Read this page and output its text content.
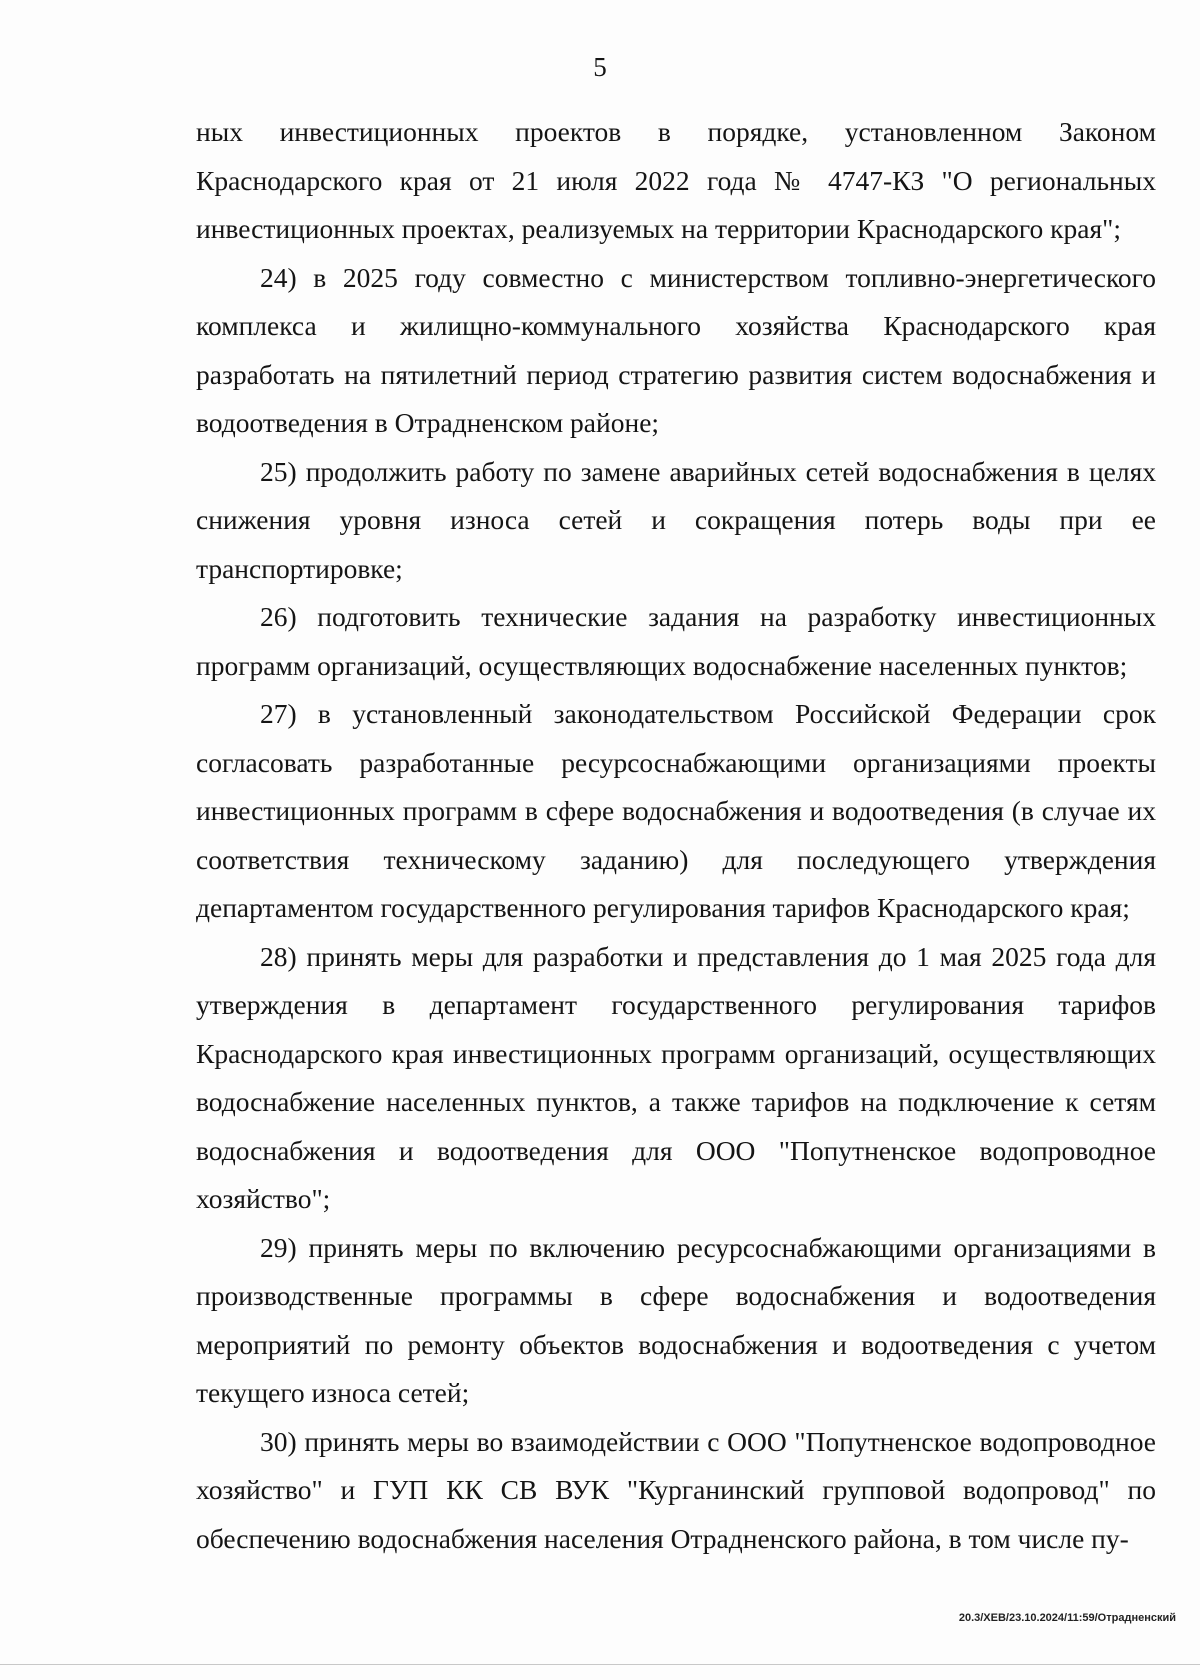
5

ных инвестиционных проектов в порядке, установленном Законом Краснодарского края от 21 июля 2022 года № 4747-КЗ "О региональных инвестиционных проектах, реализуемых на территории Краснодарского края";

24) в 2025 году совместно с министерством топливно-энергетического комплекса и жилищно-коммунального хозяйства Краснодарского края разработать на пятилетний период стратегию развития систем водоснабжения и водоотведения в Отрадненском районе;

25) продолжить работу по замене аварийных сетей водоснабжения в целях снижения уровня износа сетей и сокращения потерь воды при ее транспортировке;

26) подготовить технические задания на разработку инвестиционных программ организаций, осуществляющих водоснабжение населенных пунктов;

27) в установленный законодательством Российской Федерации срок согласовать разработанные ресурсоснабжающими организациями проекты инвестиционных программ в сфере водоснабжения и водоотведения (в случае их соответствия техническому заданию) для последующего утверждения департаментом государственного регулирования тарифов Краснодарского края;

28) принять меры для разработки и представления до 1 мая 2025 года для утверждения в департамент государственного регулирования тарифов Краснодарского края инвестиционных программ организаций, осуществляющих водоснабжение населенных пунктов, а также тарифов на подключение к сетям водоснабжения и водоотведения для ООО "Попутненское водопроводное хозяйство";

29) принять меры по включению ресурсоснабжающими организациями в производственные программы в сфере водоснабжения и водоотведения мероприятий по ремонту объектов водоснабжения и водоотведения с учетом текущего износа сетей;

30) принять меры во взаимодействии с ООО "Попутненское водопроводное хозяйство" и ГУП КК СВ ВУК "Курганинский групповой водопровод" по обеспечению водоснабжения населения Отрадненского района, в том числе пу-

20.3/ХЕВ/23.10.2024/11:59/Отрадненский
